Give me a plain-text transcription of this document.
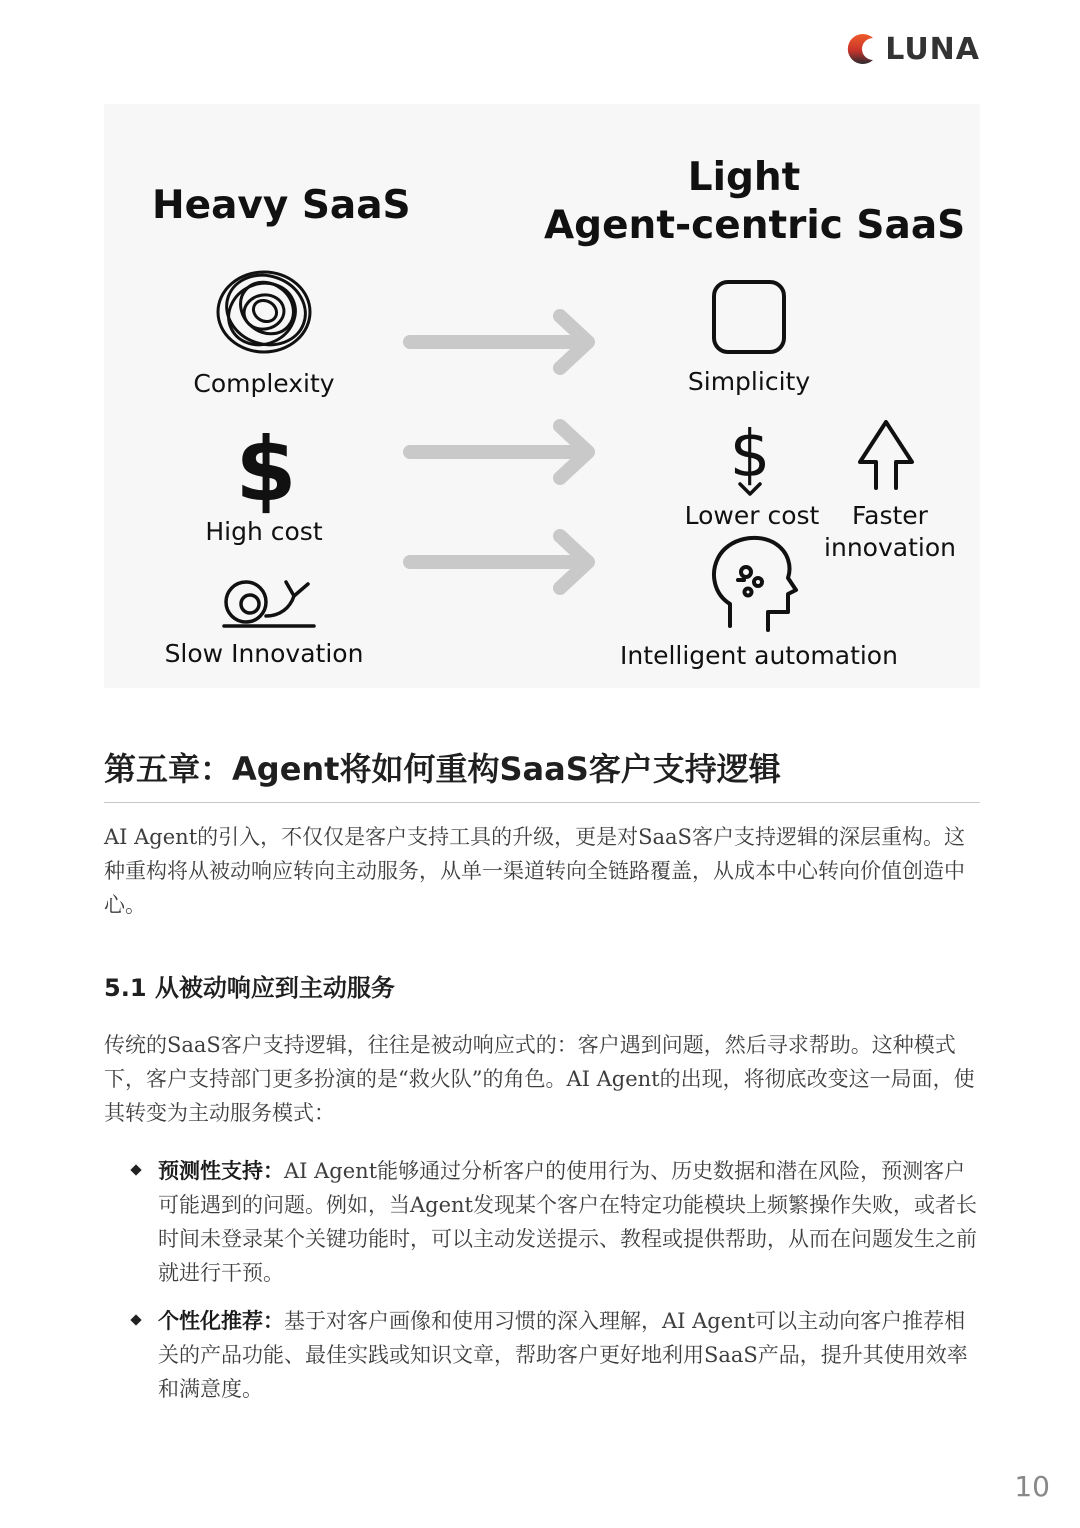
LUNA
$	$
Heavy SaaS
Light
Agent-centric SaaS
Complexity
High cost
Slow Innovation
Simplicity
Lower cost	Faster
innovation
Intelligent automation
第五章：Agent将如何重构SaaS客户支持逻辑

AI Agent的引入，不仅仅是客户支持工具的升级，更是对SaaS客户支持逻辑的深层重构。这种重构将从被动响应转向主动服务，从单一渠道转向全链路覆盖，从成本中心转向价值创造中心。

5.1 从被动响应到主动服务

传统的SaaS客户支持逻辑，往往是被动响应式的：客户遇到问题，然后寻求帮助。这种模式下，客户支持部门更多扮演的是“救火队”的角色。AI Agent的出现，将彻底改变这一局面，使其转变为主动服务模式：

预测性支持：AI Agent能够通过分析客户的使用行为、历史数据和潜在风险，预测客户可能遇到的问题。例如，当Agent发现某个客户在特定功能模块上频繁操作失败，或者长时间未登录某个关键功能时，可以主动发送提示、教程或提供帮助，从而在问题发生之前就进行干预。
个性化推荐：基于对客户画像和使用习惯的深入理解，AI Agent可以主动向客户推荐相关的产品功能、最佳实践或知识文章，帮助客户更好地利用SaaS产品，提升其使用效率和满意度。
10
